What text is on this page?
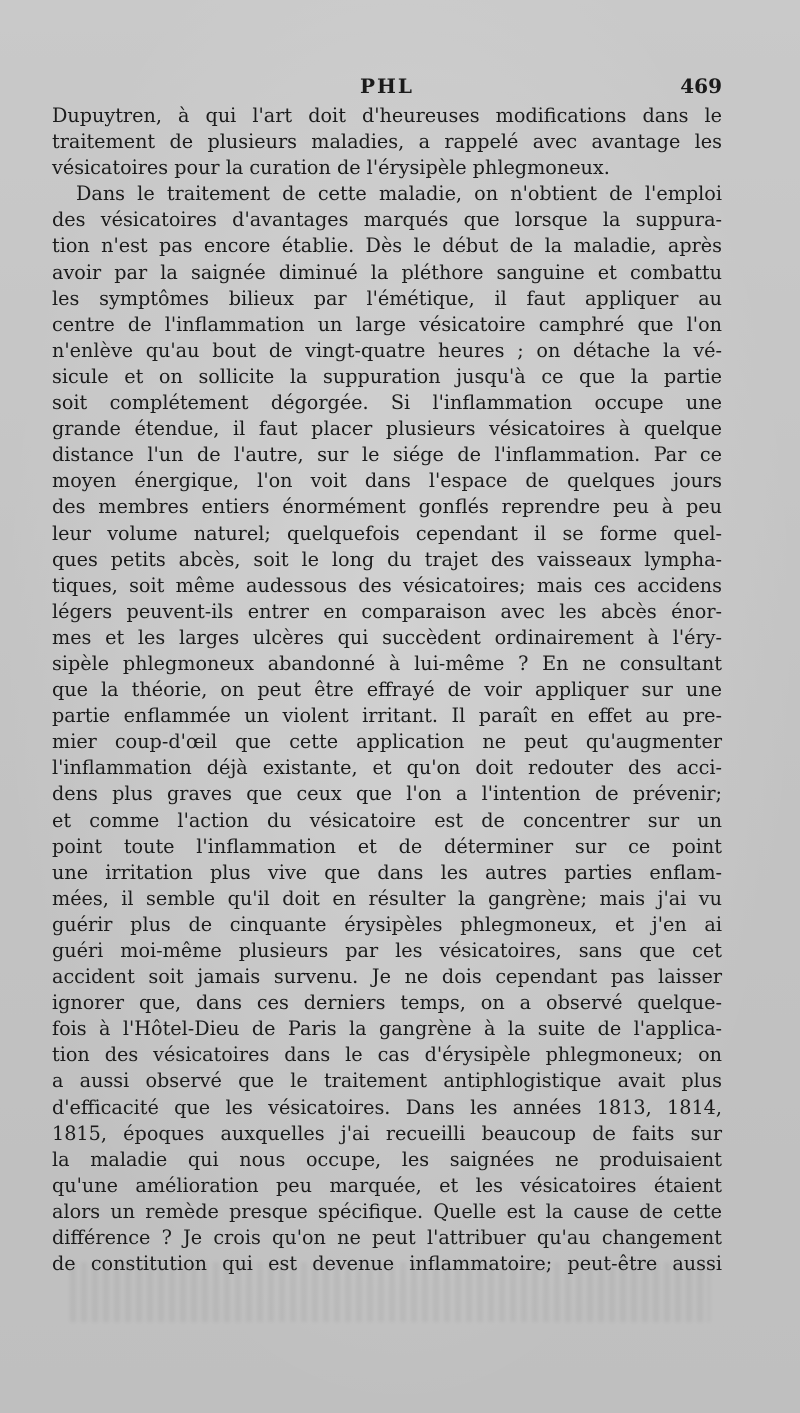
PHL	469
Dupuytren, à qui l'art doit d'heureuses modifications dans le
traitement de plusieurs maladies, a rappelé avec avantage les
vésicatoires pour la curation de l'érysipèle phlegmoneux.
Dans le traitement de cette maladie, on n'obtient de l'emploi
des vésicatoires d'avantages marqués que lorsque la suppura-
tion n'est pas encore établie. Dès le début de la maladie, après
avoir par la saignée diminué la pléthore sanguine et combattu
les symptômes bilieux par l'émétique, il faut appliquer au
centre de l'inflammation un large vésicatoire camphré que l'on
n'enlève qu'au bout de vingt-quatre heures ; on détache la vé-
sicule et on sollicite la suppuration jusqu'à ce que la partie
soit complétement dégorgée. Si l'inflammation occupe une
grande étendue, il faut placer plusieurs vésicatoires à quelque
distance l'un de l'autre, sur le siége de l'inflammation. Par ce
moyen énergique, l'on voit dans l'espace de quelques jours
des membres entiers énormément gonflés reprendre peu à peu
leur volume naturel; quelquefois cependant il se forme quel-
ques petits abcès, soit le long du trajet des vaisseaux lympha-
tiques, soit même audessous des vésicatoires; mais ces accidens
légers peuvent-ils entrer en comparaison avec les abcès énor-
mes et les larges ulcères qui succèdent ordinairement à l'éry-
sipèle phlegmoneux abandonné à lui-même ? En ne consultant
que la théorie, on peut être effrayé de voir appliquer sur une
partie enflammée un violent irritant. Il paraît en effet au pre-
mier coup-d'œil que cette application ne peut qu'augmenter
l'inflammation déjà existante, et qu'on doit redouter des acci-
dens plus graves que ceux que l'on a l'intention de prévenir;
et comme l'action du vésicatoire est de concentrer sur un
point toute l'inflammation et de déterminer sur ce point
une irritation plus vive que dans les autres parties enflam-
mées, il semble qu'il doit en résulter la gangrène; mais j'ai vu
guérir plus de cinquante érysipèles phlegmoneux, et j'en ai
guéri moi-même plusieurs par les vésicatoires, sans que cet
accident soit jamais survenu. Je ne dois cependant pas laisser
ignorer que, dans ces derniers temps, on a observé quelque-
fois à l'Hôtel-Dieu de Paris la gangrène à la suite de l'applica-
tion des vésicatoires dans le cas d'érysipèle phlegmoneux; on
a aussi observé que le traitement antiphlogistique avait plus
d'efficacité que les vésicatoires. Dans les années 1813, 1814,
1815, époques auxquelles j'ai recueilli beaucoup de faits sur
la maladie qui nous occupe, les saignées ne produisaient
qu'une amélioration peu marquée, et les vésicatoires étaient
alors un remède presque spécifique. Quelle est la cause de cette
différence ? Je crois qu'on ne peut l'attribuer qu'au changement
de constitution qui est devenue inflammatoire; peut-être aussi
